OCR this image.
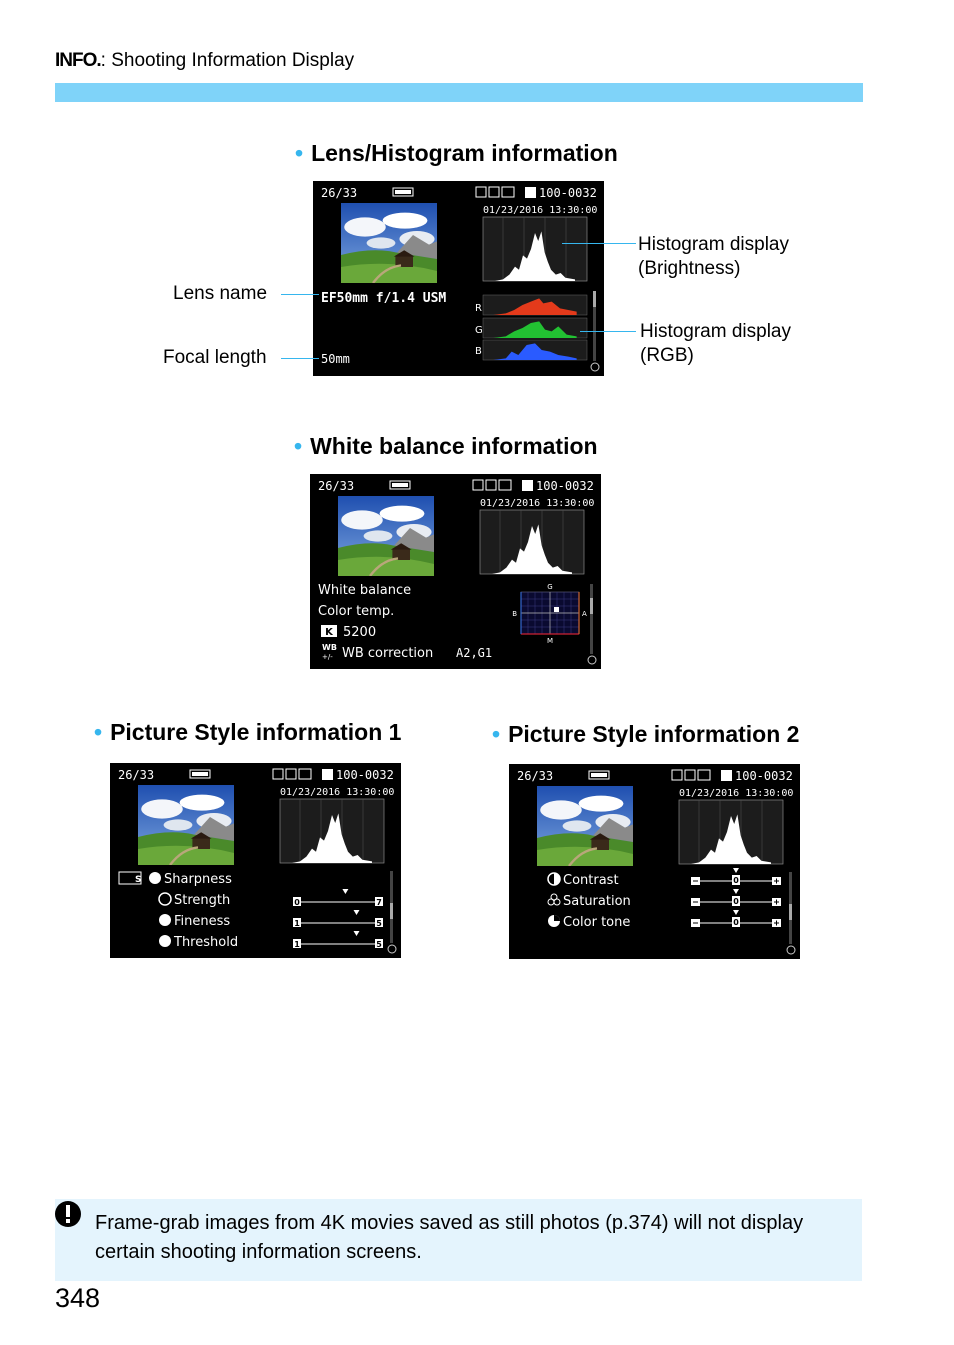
INFO.: Shooting Information Display
• Lens/Histogram information
26/33	100-0032
01/23/2016 13:30:00
EF50mm f/1.4 USM
50mm
R
G
B
Lens name
Focal length
Histogram display
(Brightness)
Histogram display
(RGB)
• White balance information
26/33	100-0032
01/23/2016 13:30:00
White balance
Color temp.
K 5200
WB
+/- WB correction A2,G1
G
B	A
M
• Picture Style information 1
26/33	100-0032
01/23/2016 13:30:00
S Sharpness
Strength
Fineness
Threshold
0	7
1	5
1	5
• Picture Style information 2
26/33	100-0032
01/23/2016 13:30:00
Contrast
Saturation
Color tone
0
0
0
Frame-grab images from 4K movies saved as still photos (p.374) will not display certain shooting information screens.
348
